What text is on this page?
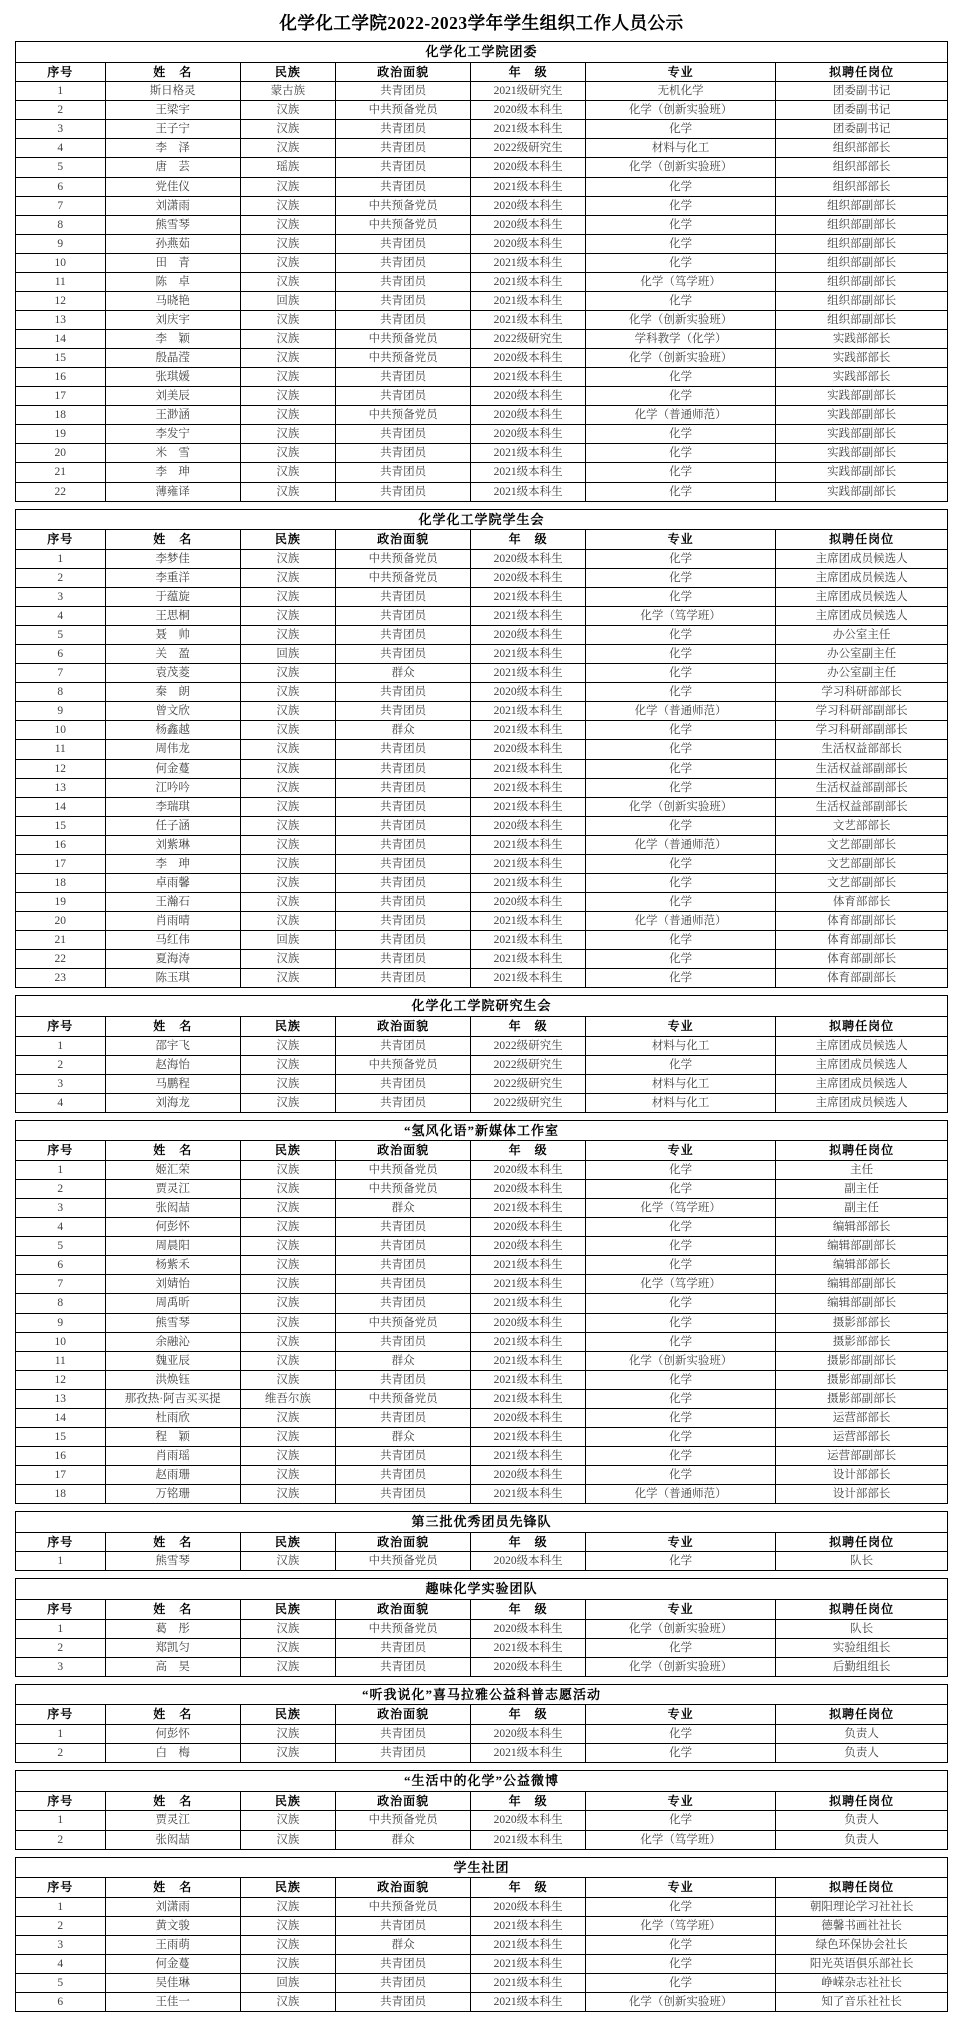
化学化工学院2022-2023学年学生组织工作人员公示
化学化工学院团委						
序号	姓　名	民族	政治面貌	年　级	专业	拟聘任岗位
1	斯日格灵	蒙古族	共青团员	2021级研究生	无机化学	团委副书记
2	王梁宇	汉族	中共预备党员	2020级本科生	化学（创新实验班）	团委副书记
3	王子宁	汉族	共青团员	2021级本科生	化学	团委副书记
4	李　泽	汉族	共青团员	2022级研究生	材料与化工	组织部部长
5	唐　芸	瑶族	共青团员	2020级本科生	化学（创新实验班）	组织部部长
6	党佳仪	汉族	共青团员	2021级本科生	化学	组织部部长
7	刘潇雨	汉族	中共预备党员	2020级本科生	化学	组织部副部长
8	熊雪琴	汉族	中共预备党员	2020级本科生	化学	组织部副部长
9	孙燕茹	汉族	共青团员	2020级本科生	化学	组织部副部长
10	田　青	汉族	共青团员	2021级本科生	化学	组织部副部长
11	陈　卓	汉族	共青团员	2021级本科生	化学（笃学班）	组织部副部长
12	马晓艳	回族	共青团员	2021级本科生	化学	组织部副部长
13	刘庆宇	汉族	共青团员	2021级本科生	化学（创新实验班）	组织部副部长
14	李　颖	汉族	中共预备党员	2022级研究生	学科教学（化学）	实践部部长
15	殷晶滢	汉族	中共预备党员	2020级本科生	化学（创新实验班）	实践部部长
16	张琪媛	汉族	共青团员	2021级本科生	化学	实践部部长
17	刘美辰	汉族	共青团员	2020级本科生	化学	实践部副部长
18	王渺涵	汉族	中共预备党员	2020级本科生	化学（普通师范）	实践部副部长
19	李发宁	汉族	共青团员	2020级本科生	化学	实践部副部长
20	米　雪	汉族	共青团员	2021级本科生	化学	实践部副部长
21	李　珅	汉族	共青团员	2021级本科生	化学	实践部副部长
22	薄雍译	汉族	共青团员	2021级本科生	化学	实践部副部长
化学化工学院学生会						
序号	姓　名	民族	政治面貌	年　级	专业	拟聘任岗位
1	李梦佳	汉族	中共预备党员	2020级本科生	化学	主席团成员候选人
2	李重洋	汉族	中共预备党员	2020级本科生	化学	主席团成员候选人
3	于蕴旋	汉族	共青团员	2021级本科生	化学	主席团成员候选人
4	王思桐	汉族	共青团员	2021级本科生	化学（笃学班）	主席团成员候选人
5	聂　帅	汉族	共青团员	2020级本科生	化学	办公室主任
6	关　盈	回族	共青团员	2021级本科生	化学	办公室副主任
7	袁茂菱	汉族	群众	2021级本科生	化学	办公室副主任
8	秦　朗	汉族	共青团员	2020级本科生	化学	学习科研部部长
9	曾文欣	汉族	共青团员	2021级本科生	化学（普通师范）	学习科研部副部长
10	杨鑫越	汉族	群众	2021级本科生	化学	学习科研部副部长
11	周伟龙	汉族	共青团员	2020级本科生	化学	生活权益部部长
12	何金蔓	汉族	共青团员	2021级本科生	化学	生活权益部副部长
13	江吟吟	汉族	共青团员	2021级本科生	化学	生活权益部副部长
14	李瑞琪	汉族	共青团员	2021级本科生	化学（创新实验班）	生活权益部副部长
15	任子涵	汉族	共青团员	2020级本科生	化学	文艺部部长
16	刘紫琳	汉族	共青团员	2021级本科生	化学（普通师范）	文艺部副部长
17	李　珅	汉族	共青团员	2021级本科生	化学	文艺部副部长
18	卓雨馨	汉族	共青团员	2021级本科生	化学	文艺部副部长
19	王瀚石	汉族	共青团员	2020级本科生	化学	体育部部长
20	肖雨晴	汉族	共青团员	2021级本科生	化学（普通师范）	体育部副部长
21	马红伟	回族	共青团员	2021级本科生	化学	体育部副部长
22	夏海涛	汉族	共青团员	2021级本科生	化学	体育部副部长
23	陈玉琪	汉族	共青团员	2021级本科生	化学	体育部副部长
化学化工学院研究生会						
序号	姓　名	民族	政治面貌	年　级	专业	拟聘任岗位
1	邵宇飞	汉族	共青团员	2022级研究生	材料与化工	主席团成员候选人
2	赵海怡	汉族	中共预备党员	2022级研究生	化学	主席团成员候选人
3	马鹏程	汉族	共青团员	2022级研究生	材料与化工	主席团成员候选人
4	刘海龙	汉族	共青团员	2022级研究生	材料与化工	主席团成员候选人
“氢风化语”新媒体工作室						
序号	姓　名	民族	政治面貌	年　级	专业	拟聘任岗位
1	姬汇荣	汉族	中共预备党员	2020级本科生	化学	主任
2	贾灵江	汉族	中共预备党员	2020级本科生	化学	副主任
3	张闳喆	汉族	群众	2021级本科生	化学（笃学班）	副主任
4	何彭怀	汉族	共青团员	2020级本科生	化学	编辑部部长
5	周晨阳	汉族	共青团员	2020级本科生	化学	编辑部副部长
6	杨紫禾	汉族	共青团员	2021级本科生	化学	编辑部部长
7	刘婧怡	汉族	共青团员	2021级本科生	化学（笃学班）	编辑部副部长
8	周禹昕	汉族	共青团员	2021级本科生	化学	编辑部副部长
9	熊雪琴	汉族	中共预备党员	2020级本科生	化学	摄影部部长
10	余融沁	汉族	共青团员	2021级本科生	化学	摄影部部长
11	魏亚辰	汉族	群众	2021级本科生	化学（创新实验班）	摄影部副部长
12	洪焕钰	汉族	共青团员	2021级本科生	化学	摄影部副部长
13	那孜热·阿吉买买提	维吾尔族	中共预备党员	2021级本科生	化学	摄影部副部长
14	杜雨欣	汉族	共青团员	2020级本科生	化学	运营部部长
15	程　颖	汉族	群众	2021级本科生	化学	运营部部长
16	肖雨瑶	汉族	共青团员	2021级本科生	化学	运营部副部长
17	赵雨珊	汉族	共青团员	2020级本科生	化学	设计部部长
18	万铭珊	汉族	共青团员	2021级本科生	化学（普通师范）	设计部部长
第三批优秀团员先锋队						
序号	姓　名	民族	政治面貌	年　级	专业	拟聘任岗位
1	熊雪琴	汉族	中共预备党员	2020级本科生	化学	队长
趣味化学实验团队						
序号	姓　名	民族	政治面貌	年　级	专业	拟聘任岗位
1	葛　彤	汉族	中共预备党员	2020级本科生	化学（创新实验班）	队长
2	郑凯匀	汉族	共青团员	2021级本科生	化学	实验组组长
3	高　昊	汉族	共青团员	2020级本科生	化学（创新实验班）	后勤组组长
“听我说化”喜马拉雅公益科普志愿活动						
序号	姓　名	民族	政治面貌	年　级	专业	拟聘任岗位
1	何彭怀	汉族	共青团员	2020级本科生	化学	负责人
2	白　梅	汉族	共青团员	2021级本科生	化学	负责人
“生活中的化学”公益微博						
序号	姓　名	民族	政治面貌	年　级	专业	拟聘任岗位
1	贾灵江	汉族	中共预备党员	2020级本科生	化学	负责人
2	张闳喆	汉族	群众	2021级本科生	化学（笃学班）	负责人
学生社团						
序号	姓　名	民族	政治面貌	年　级	专业	拟聘任岗位
1	刘潇雨	汉族	中共预备党员	2020级本科生	化学	朝阳理论学习社社长
2	黄文骏	汉族	共青团员	2021级本科生	化学（笃学班）	德馨书画社社长
3	王雨萌	汉族	群众	2021级本科生	化学	绿色环保协会社长
4	何金蔓	汉族	共青团员	2021级本科生	化学	阳光英语俱乐部社长
5	吴佳琳	回族	共青团员	2021级本科生	化学	峥嵘杂志社社长
6	王佳一	汉族	共青团员	2021级本科生	化学（创新实验班）	知了音乐社社长
